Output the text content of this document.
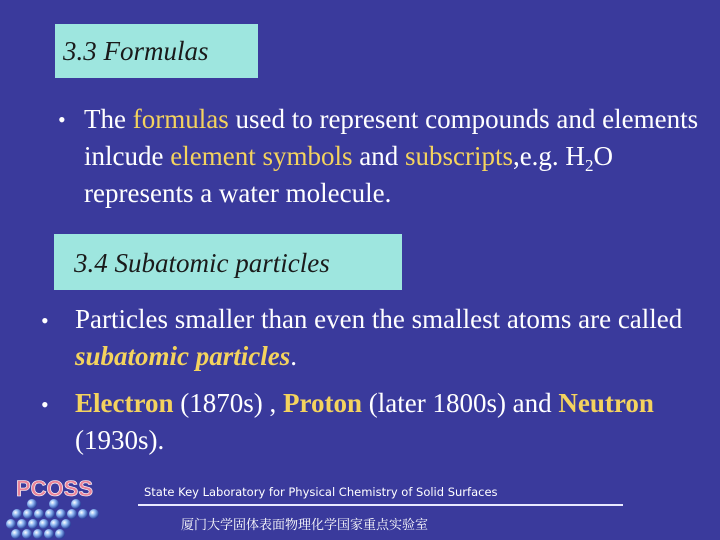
3.3 Formulas
• The formulas used to represent compounds and elements inlcude element symbols and subscripts,e.g. $H_2O$ represents a water molecule.
3.4 Subatomic particles
• Particles smaller than even the smallest atoms are called subatomic particles.
• Electron (1870s) , Proton (later 1800s) and Neutron (1930s).
PCOSS	State Key Laboratory for Physical Chemistry of Solid Surfaces
厦门大学固体表面物理化学国家重点实验室
